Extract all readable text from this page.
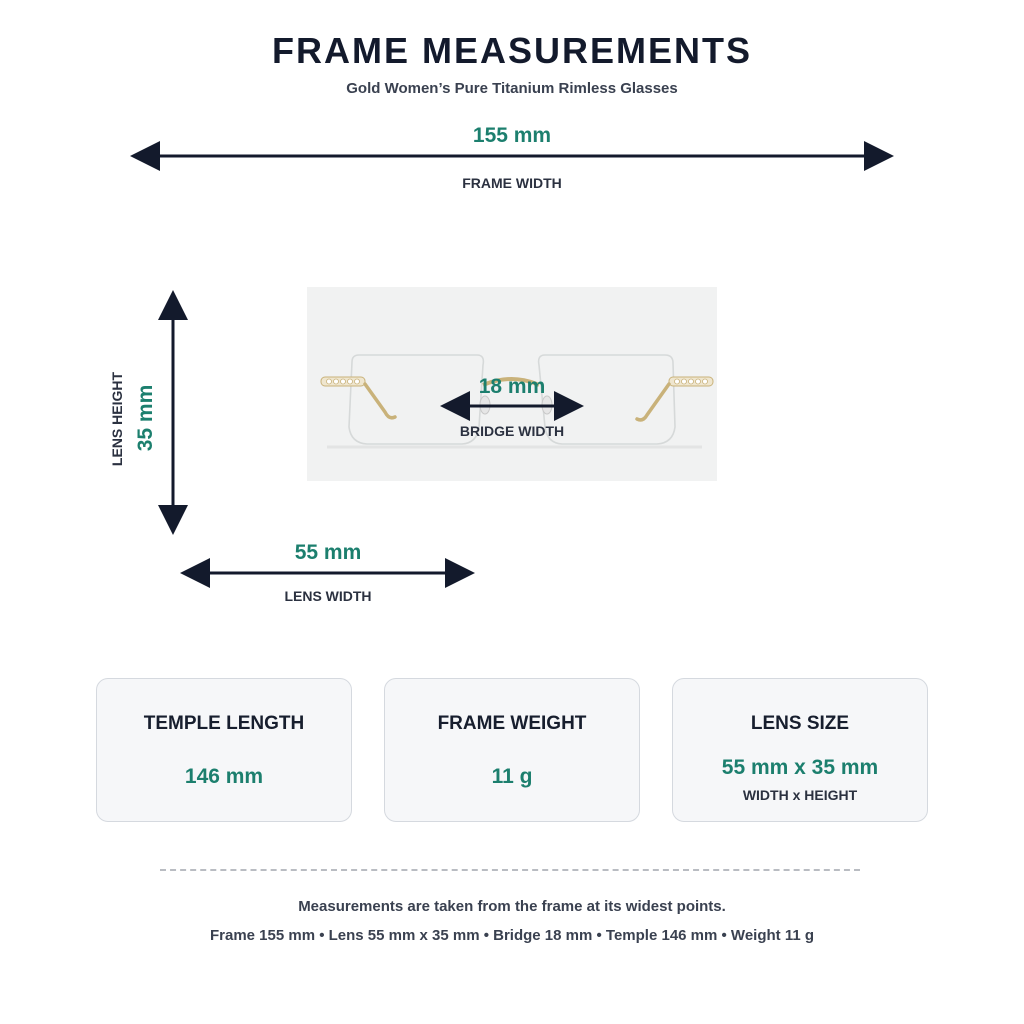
FRAME MEASUREMENTS
Gold Women’s Pure Titanium Rimless Glasses
155 mm
FRAME WIDTH
35 mm
LENS HEIGHT	18 mm
BRIDGE WIDTH
55 mm
LENS WIDTH
TEMPLE LENGTH
146 mm
FRAME WEIGHT
11 g
LENS SIZE
55 mm x 35 mm
WIDTH x HEIGHT
Measurements are taken from the frame at its widest points.
Frame 155 mm • Lens 55 mm x 35 mm • Bridge 18 mm • Temple 146 mm • Weight 11 g
